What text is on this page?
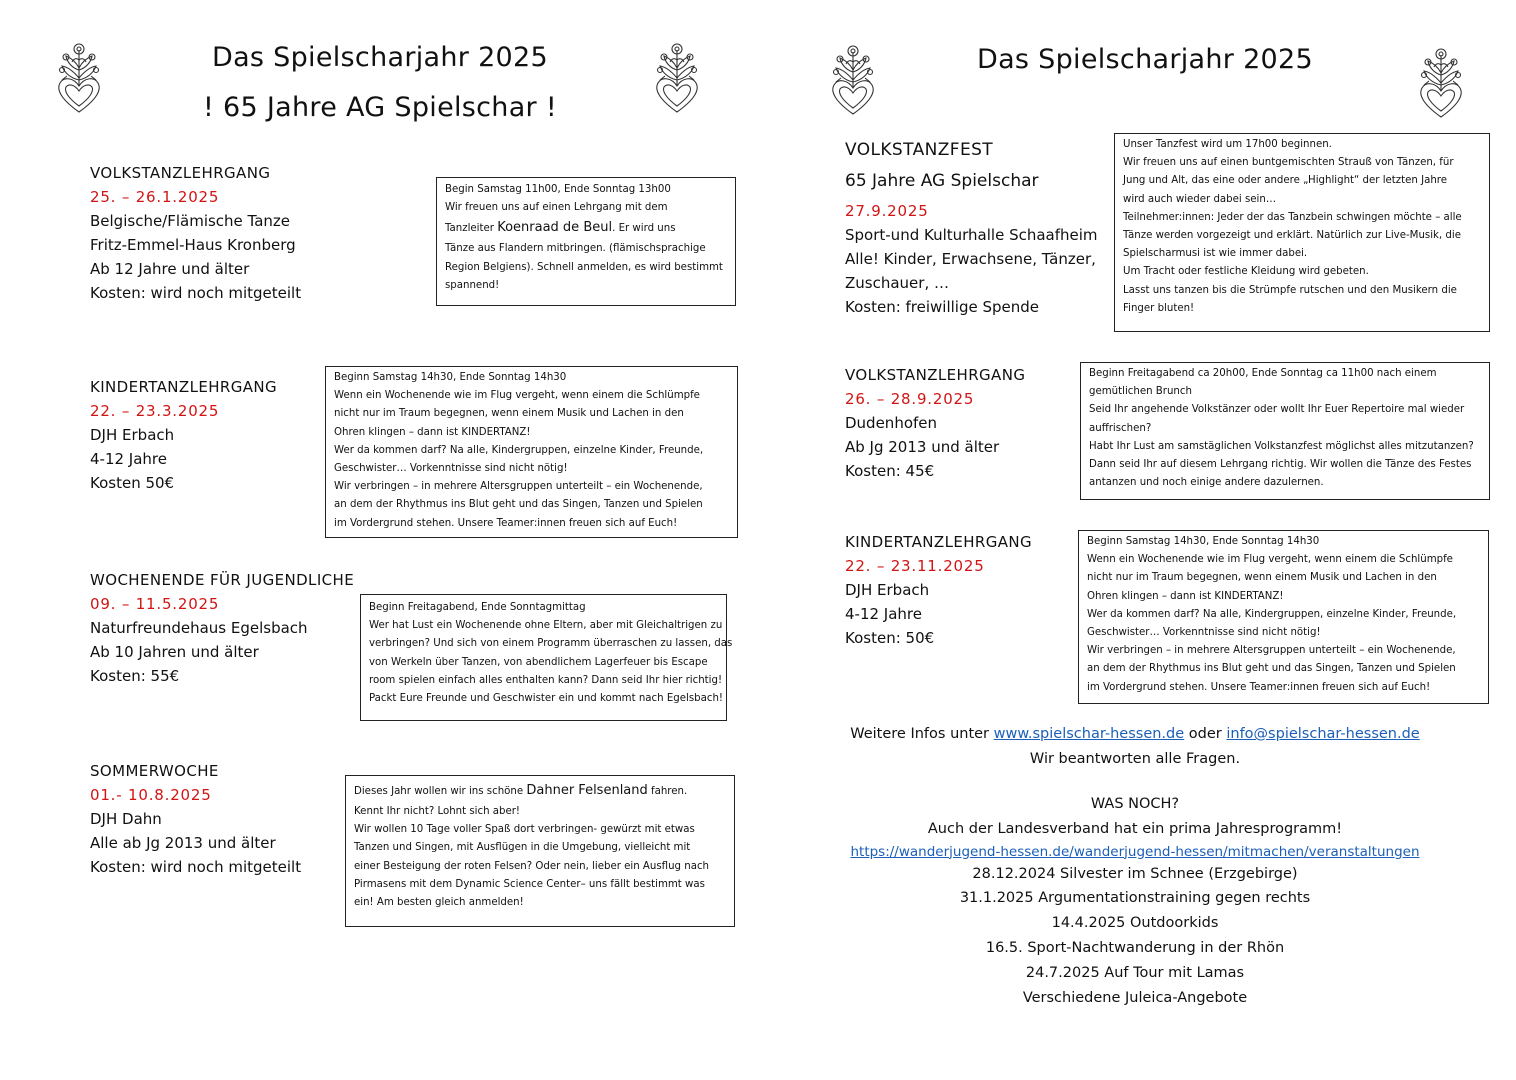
Das Spielscharjahr 2025
! 65 Jahre AG Spielschar !
VOLKSTANZLEHRGANG
25. – 26.1.2025
Belgische/Flämische Tanze
Fritz-Emmel-Haus Kronberg
Ab 12 Jahre und älter
Kosten: wird noch mitgeteilt
Begin Samstag 11h00, Ende Sonntag 13h00
Wir freuen uns auf einen Lehrgang mit dem
Tanzleiter Koenraad de Beul. Er wird uns
Tänze aus Flandern mitbringen. (flämischsprachige
Region Belgiens). Schnell anmelden, es wird bestimmt
spannend!
KINDERTANZLEHRGANG
22. – 23.3.2025
DJH Erbach
4-12 Jahre
Kosten 50€
Beginn Samstag 14h30, Ende Sonntag 14h30
Wenn ein Wochenende wie im Flug vergeht, wenn einem die Schlümpfe
nicht nur im Traum begegnen, wenn einem Musik und Lachen in den
Ohren klingen – dann ist KINDERTANZ!
Wer da kommen darf? Na alle, Kindergruppen, einzelne Kinder, Freunde,
Geschwister… Vorkenntnisse sind nicht nötig!
Wir verbringen – in mehrere Altersgruppen unterteilt – ein Wochenende,
an dem der Rhythmus ins Blut geht und das Singen, Tanzen und Spielen
im Vordergrund stehen. Unsere Teamer:innen freuen sich auf Euch!
WOCHENENDE FÜR JUGENDLICHE
09. – 11.5.2025
Naturfreundehaus Egelsbach
Ab 10 Jahren und älter
Kosten: 55€
Beginn Freitagabend, Ende Sonntagmittag
Wer hat Lust ein Wochenende ohne Eltern, aber mit Gleichaltrigen zu
verbringen? Und sich von einem Programm überraschen zu lassen, das
von Werkeln über Tanzen, von abendlichem Lagerfeuer bis Escape
room spielen einfach alles enthalten kann? Dann seid Ihr hier richtig!
Packt Eure Freunde und Geschwister ein und kommt nach Egelsbach!
SOMMERWOCHE
01.- 10.8.2025
DJH Dahn
Alle ab Jg 2013 und älter
Kosten: wird noch mitgeteilt
Dieses Jahr wollen wir ins schöne Dahner Felsenland fahren.
Kennt Ihr nicht? Lohnt sich aber!
Wir wollen 10 Tage voller Spaß dort verbringen- gewürzt mit etwas
Tanzen und Singen, mit Ausflügen in die Umgebung, vielleicht mit
einer Besteigung der roten Felsen? Oder nein, lieber ein Ausflug nach
Pirmasens mit dem Dynamic Science Center– uns fällt bestimmt was
ein! Am besten gleich anmelden!
Das Spielscharjahr 2025
VOLKSTANZFEST
65 Jahre AG Spielschar
27.9.2025
Sport-und Kulturhalle Schaafheim
Alle! Kinder, Erwachsene, Tänzer,
Zuschauer, …
Kosten: freiwillige Spende
Unser Tanzfest wird um 17h00 beginnen.
Wir freuen uns auf einen buntgemischten Strauß von Tänzen, für
Jung und Alt, das eine oder andere „Highlight“ der letzten Jahre
wird auch wieder dabei sein…
Teilnehmer:innen: Jeder der das Tanzbein schwingen möchte – alle
Tänze werden vorgezeigt und erklärt. Natürlich zur Live-Musik, die
Spielscharmusi ist wie immer dabei.
Um Tracht oder festliche Kleidung wird gebeten.
Lasst uns tanzen bis die Strümpfe rutschen und den Musikern die
Finger bluten!
VOLKSTANZLEHRGANG
26. – 28.9.2025
Dudenhofen
Ab Jg 2013 und älter
Kosten: 45€
Beginn Freitagabend ca 20h00, Ende Sonntag ca 11h00 nach einem
gemütlichen Brunch
Seid Ihr angehende Volkstänzer oder wollt Ihr Euer Repertoire mal wieder
auffrischen?
Habt Ihr Lust am samstäglichen Volkstanzfest möglichst alles mitzutanzen?
Dann seid Ihr auf diesem Lehrgang richtig. Wir wollen die Tänze des Festes
antanzen und noch einige andere dazulernen.
KINDERTANZLEHRGANG
22. – 23.11.2025
DJH Erbach
4-12 Jahre
Kosten: 50€
Beginn Samstag 14h30, Ende Sonntag 14h30
Wenn ein Wochenende wie im Flug vergeht, wenn einem die Schlümpfe
nicht nur im Traum begegnen, wenn einem Musik und Lachen in den
Ohren klingen – dann ist KINDERTANZ!
Wer da kommen darf? Na alle, Kindergruppen, einzelne Kinder, Freunde,
Geschwister… Vorkenntnisse sind nicht nötig!
Wir verbringen – in mehrere Altersgruppen unterteilt – ein Wochenende,
an dem der Rhythmus ins Blut geht und das Singen, Tanzen und Spielen
im Vordergrund stehen. Unsere Teamer:innen freuen sich auf Euch!
Weitere Infos unter www.spielschar-hessen.de oder info@spielschar-hessen.de
Wir beantworten alle Fragen.
WAS NOCH?
Auch der Landesverband hat ein prima Jahresprogramm!
https://wanderjugend-hessen.de/wanderjugend-hessen/mitmachen/veranstaltungen
28.12.2024 Silvester im Schnee (Erzgebirge)
31.1.2025 Argumentationstraining gegen rechts
14.4.2025 Outdoorkids
16.5. Sport-Nachtwanderung in der Rhön
24.7.2025 Auf Tour mit Lamas
Verschiedene Juleica-Angebote
